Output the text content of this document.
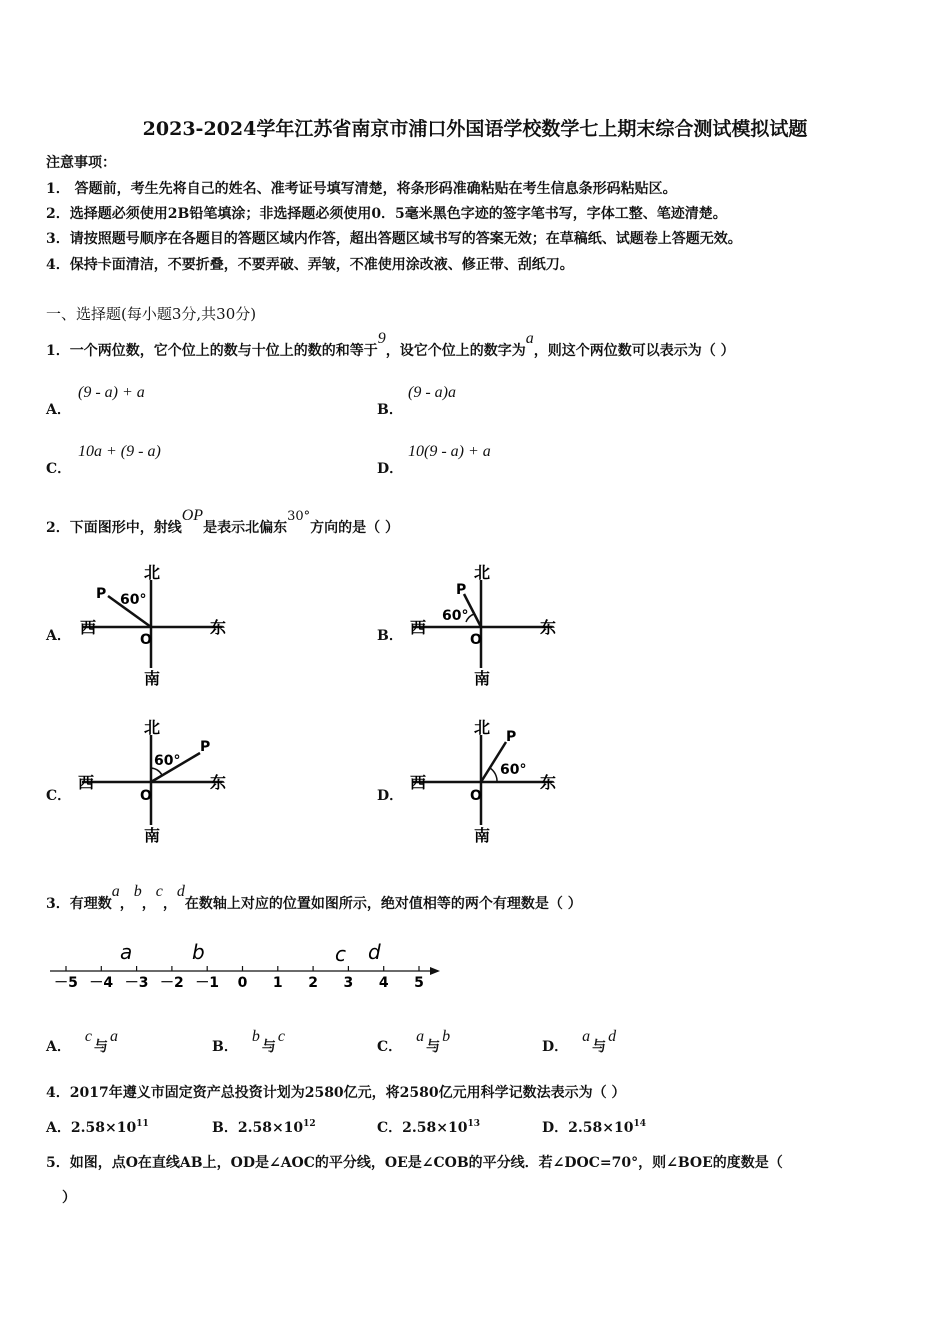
2023-2024学年江苏省南京市浦口外国语学校数学七上期末综合测试模拟试题
注意事项：
1． 答题前，考生先将自己的姓名、准考证号填写清楚，将条形码准确粘贴在考生信息条形码粘贴区。
2．选择题必须使用2B铅笔填涂；非选择题必须使用0．5毫米黑色字迹的签字笔书写，字体工整、笔迹清楚。
3．请按照题号顺序在各题目的答题区域内作答，超出答题区域书写的答案无效；在草稿纸、试题卷上答题无效。
4．保持卡面清洁，不要折叠，不要弄破、弄皱，不准使用涂改液、修正带、刮纸刀。
一、选择题(每小题3分,共30分)
1．一个两位数，它个位上的数与十位上的数的和等于9，设它个位上的数字为a，则这个两位数可以表示为（ ）
A．
(9 - a) + a
B．
(9 - a)a
C．
10a + (9 - a)
D．
10(9 - a) + a
2．下面图形中，射线OP是表示北偏东30°方向的是（ ）
A．	B．
C．	D．
北
南
西	东
O
P 60°
北
南
西	东
O
P
60°
北
南
西	东
O
P
60°
北
南
西	东
O
P
60°
3．有理数a，b，c，d在数轴上对应的位置如图所示，绝对值相等的两个有理数是（ ）
－5 －4 －3 －2 －1 0 1 2 3 4 5
a	b	c d
A．c与a
B．b与c
C．a与b
D．a与d
4．2017年遵义市固定资产总投资计划为2580亿元，将2580亿元用科学记数法表示为（ ）
A．$2.58\times 10^{11}$	B．$2.58\times 10^{12}$	C．$2.58\times 10^{13}$	D．$2.58\times 10^{14}$
5．如图，点O在直线AB上，OD是∠AOC的平分线，OE是∠COB的平分线．若∠DOC=70°，则∠BOE的度数是（
）
